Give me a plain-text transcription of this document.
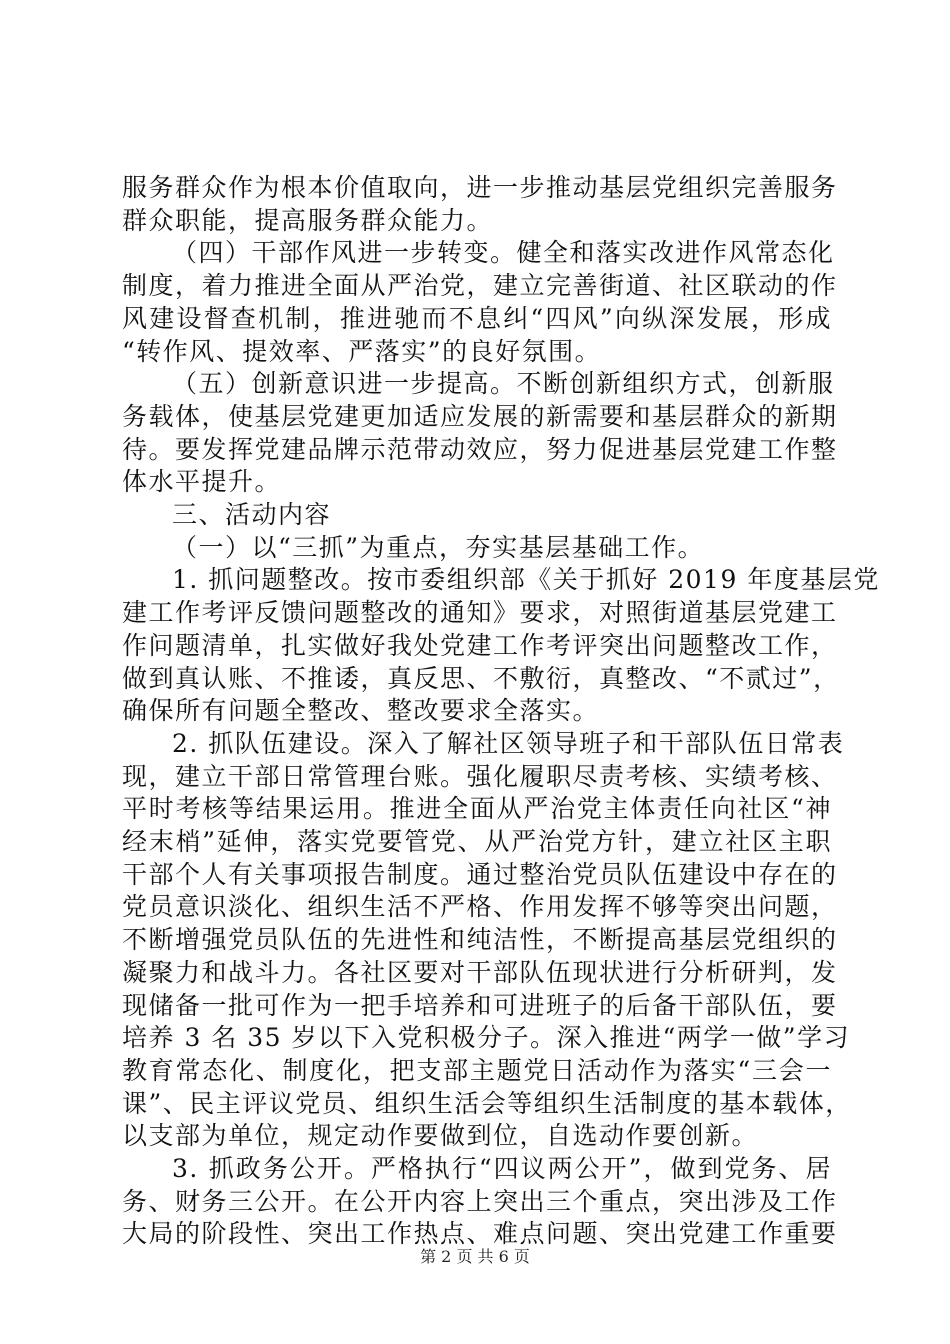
服务群众作为根本价值取向，进一步推动基层党组织完善服务
群众职能，提高服务群众能力。
（四）干部作风进一步转变。健全和落实改进作风常态化
制度，着力推进全面从严治党，建立完善街道、社区联动的作
风建设督查机制，推进驰而不息纠“四风”向纵深发展，形成
“转作风、提效率、严落实”的良好氛围。
（五）创新意识进一步提高。不断创新组织方式，创新服
务载体，使基层党建更加适应发展的新需要和基层群众的新期
待。要发挥党建品牌示范带动效应，努力促进基层党建工作整
体水平提升。
三、活动内容
（一）以“三抓”为重点，夯实基层基础工作。
1. 抓问题整改。按市委组织部《关于抓好 2019 年度基层党
建工作考评反馈问题整改的通知》要求，对照街道基层党建工
作问题清单，扎实做好我处党建工作考评突出问题整改工作，
做到真认账、不推诿，真反思、不敷衍，真整改、“不贰过”，
确保所有问题全整改、整改要求全落实。
2. 抓队伍建设。深入了解社区领导班子和干部队伍日常表
现，建立干部日常管理台账。强化履职尽责考核、实绩考核、
平时考核等结果运用。推进全面从严治党主体责任向社区“神
经末梢”延伸，落实党要管党、从严治党方针，建立社区主职
干部个人有关事项报告制度。通过整治党员队伍建设中存在的
党员意识淡化、组织生活不严格、作用发挥不够等突出问题，
不断增强党员队伍的先进性和纯洁性，不断提高基层党组织的
凝聚力和战斗力。各社区要对干部队伍现状进行分析研判，发
现储备一批可作为一把手培养和可进班子的后备干部队伍，要
培养 3 名 35 岁以下入党积极分子。深入推进“两学一做”学习
教育常态化、制度化，把支部主题党日活动作为落实“三会一
课”、民主评议党员、组织生活会等组织生活制度的基本载体，
以支部为单位，规定动作要做到位，自选动作要创新。
3. 抓政务公开。严格执行“四议两公开”，做到党务、居
务、财务三公开。在公开内容上突出三个重点，突出涉及工作
大局的阶段性、突出工作热点、难点问题、突出党建工作重要
第 2 页 共 6 页
